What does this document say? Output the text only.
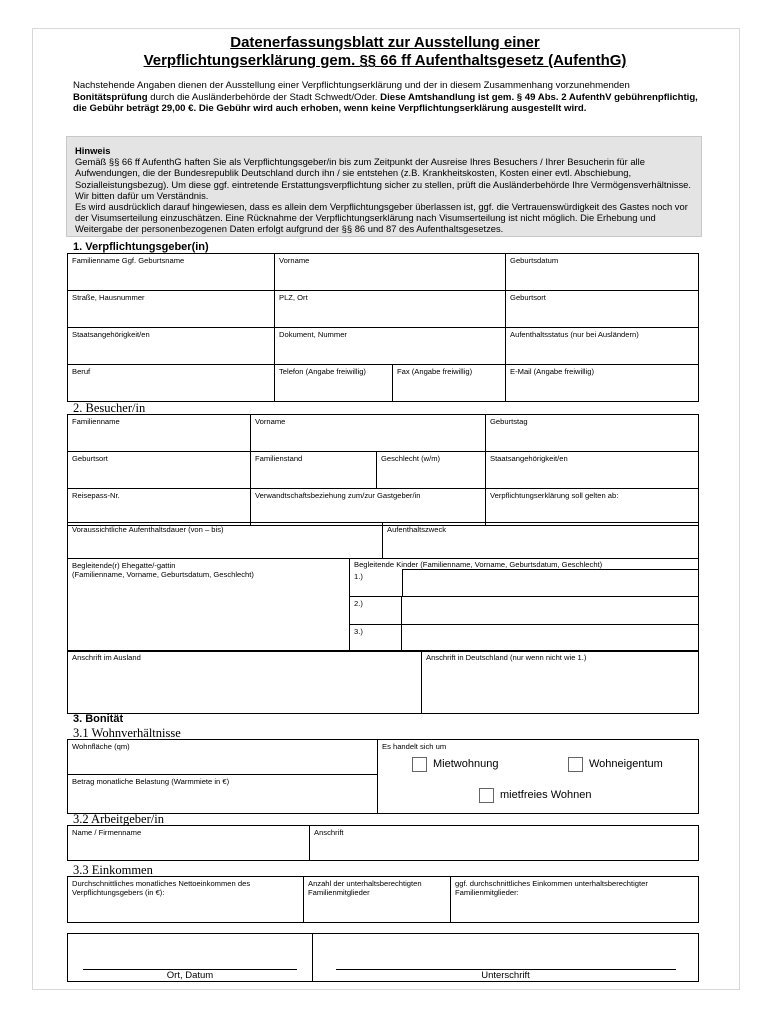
Datenerfassungsblatt zur Ausstellung einer
Verpflichtungserklärung gem. §§ 66 ff Aufenthaltsgesetz (AufenthG)
Nachstehende Angaben dienen der Ausstellung einer Verpflichtungserklärung und der in diesem Zusammenhang vorzunehmenden Bonitätsprüfung durch die Ausländerbehörde der Stadt Schwedt/Oder. Diese Amtshandlung ist gem. § 49 Abs. 2 AufenthV gebührenpflichtig, die Gebühr beträgt 29,00 €. Die Gebühr wird auch erhoben, wenn keine Verpflichtungserklärung ausgestellt wird.
Hinweis
Gemäß §§ 66 ff AufenthG haften Sie als Verpflichtungsgeber/in bis zum Zeitpunkt der Ausreise Ihres Besuchers / Ihrer Besucherin für alle Aufwendungen, die der Bundesrepublik Deutschland durch ihn / sie entstehen (z.B. Krankheitskosten, Kosten einer evtl. Abschiebung, Sozialleistungsbezug). Um diese ggf. eintretende Erstattungsverpflichtung sicher zu stellen, prüft die Ausländerbehörde Ihre Vermögensverhältnisse. Wir bitten dafür um Verständnis.
Es wird ausdrücklich darauf hingewiesen, dass es allein dem Verpflichtungsgeber überlassen ist, ggf. die Vertrauenswürdigkeit des Gastes noch vor der Visumserteilung einzuschätzen. Eine Rücknahme der Verpflichtungserklärung nach Visumserteilung ist nicht möglich. Die Erhebung und Weitergabe der personenbezogenen Daten erfolgt aufgrund der §§ 86 und 87 des Aufenthaltsgesetzes.
1. Verpflichtungsgeber(in)
Familienname Ggf. Geburtsname	Vorname		Geburtsdatum
Straße, Hausnummer	PLZ, Ort		Geburtsort
Staatsangehörigkeit/en	Dokument, Nummer		Aufenthaltsstatus (nur bei Ausländern)
Beruf	Telefon (Angabe freiwillig)	Fax (Angabe freiwillig)	E-Mail (Angabe freiwillig)
2. Besucher/in
Familienname	Vorname		Geburtstag
Geburtsort	Familienstand	Geschlecht (w/m)	Staatsangehörigkeit/en
Reisepass-Nr.	Verwandtschaftsbeziehung zum/zur Gastgeber/in		Verpflichtungserklärung soll gelten ab:
Voraussichtliche Aufenthaltsdauer (von – bis)	Aufenthaltszweck
Begleitende(r) Ehegatte/-gattin
(Familienname, Vorname, Geburtsdatum, Geschlecht)

Begleitende Kinder (Familienname, Vorname, Geburtsdatum, Geschlecht)
1.)	

2.)	
3.)	
Anschrift im Ausland	Anschrift in Deutschland (nur wenn nicht wie 1.)
3. Bonität
3.1 Wohnverhältnisse
Wohnfläche (qm)	Es handelt sich um
Mietwohnung	Wohneigentum
mietfreies Wohnen

Betrag monatliche Belastung (Warmmiete in €)
3.2 Arbeitgeber/in
Name / Firmenname	Anschrift
3.3 Einkommen
Durchschnittliches monatliches Nettoeinkommen des Verpflichtungsgebers (in €):	Anzahl der unterhaltsberechtigten Familienmitglieder	ggf. durchschnittliches Einkommen unterhaltsberechtigter Familienmitglieder:
Ort, Datum	Unterschrift
